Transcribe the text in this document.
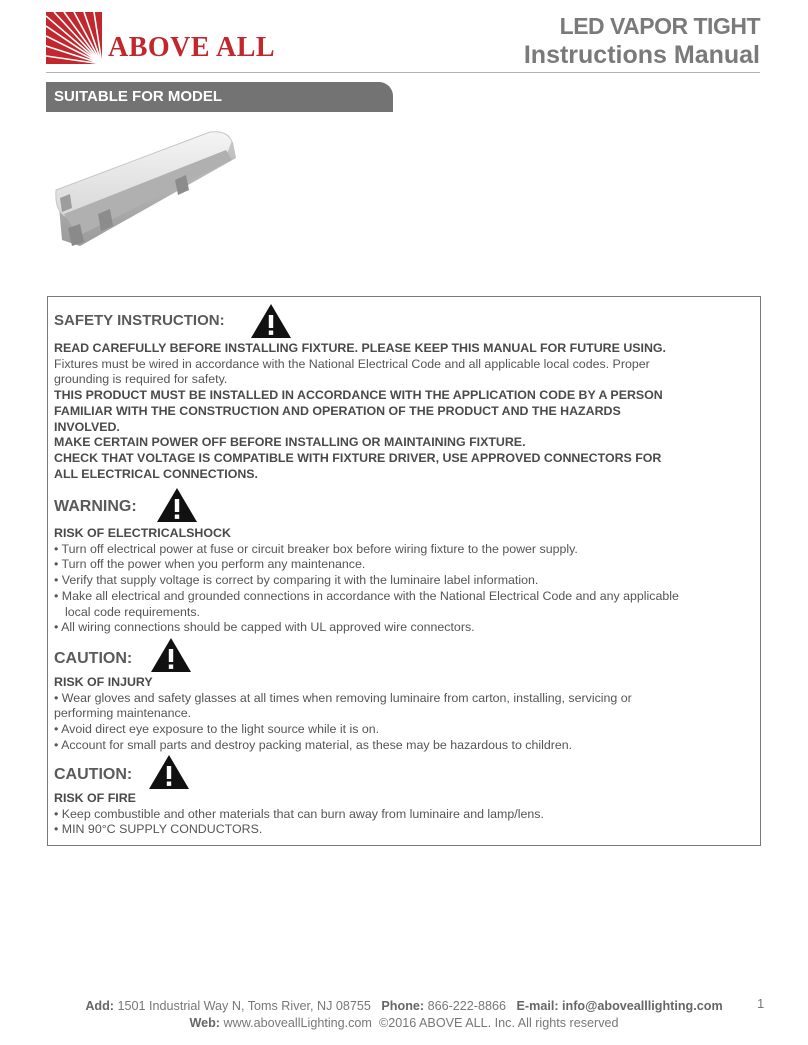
ABOVE ALL
LED VAPOR TIGHT
Instructions Manual
SUITABLE FOR MODEL
SAFETY INSTRUCTION:
READ CAREFULLY BEFORE INSTALLING FIXTURE. PLEASE KEEP THIS MANUAL FOR FUTURE USING.
Fixtures must be wired in accordance with the National Electrical Code and all applicable local codes. Proper
grounding is required for safety.
THIS PRODUCT MUST BE INSTALLED IN ACCORDANCE WITH THE APPLICATION CODE BY A PERSON
FAMILIAR WITH THE CONSTRUCTION AND OPERATION OF THE PRODUCT AND THE HAZARDS
INVOLVED.
MAKE CERTAIN POWER OFF BEFORE INSTALLING OR MAINTAINING FIXTURE.
CHECK THAT VOLTAGE IS COMPATIBLE WITH FIXTURE DRIVER, USE APPROVED CONNECTORS FOR
ALL ELECTRICAL CONNECTIONS.
WARNING:
RISK OF ELECTRICALSHOCK
• Turn off electrical power at fuse or circuit breaker box before wiring fixture to the power supply.
• Turn off the power when you perform any maintenance.
• Verify that supply voltage is correct by comparing it with the luminaire label information.
• Make all electrical and grounded connections in accordance with the National Electrical Code and any applicable
local code requirements.
• All wiring connections should be capped with UL approved wire connectors.
CAUTION:
RISK OF INJURY
• Wear gloves and safety glasses at all times when removing luminaire from carton, installing, servicing or
performing maintenance.
• Avoid direct eye exposure to the light source while it is on.
• Account for small parts and destroy packing material, as these may be hazardous to children.
CAUTION:
RISK OF FIRE
• Keep combustible and other materials that can burn away from luminaire and lamp/lens.
• MIN 90°C SUPPLY CONDUCTORS.
Add: 1501 Industrial Way N, Toms River, NJ 08755 Phone: 866-222-8866 E-mail: info@abovealllighting.com
Web: www.aboveallLighting.com ©2016 ABOVE ALL. Inc. All rights reserved
1
